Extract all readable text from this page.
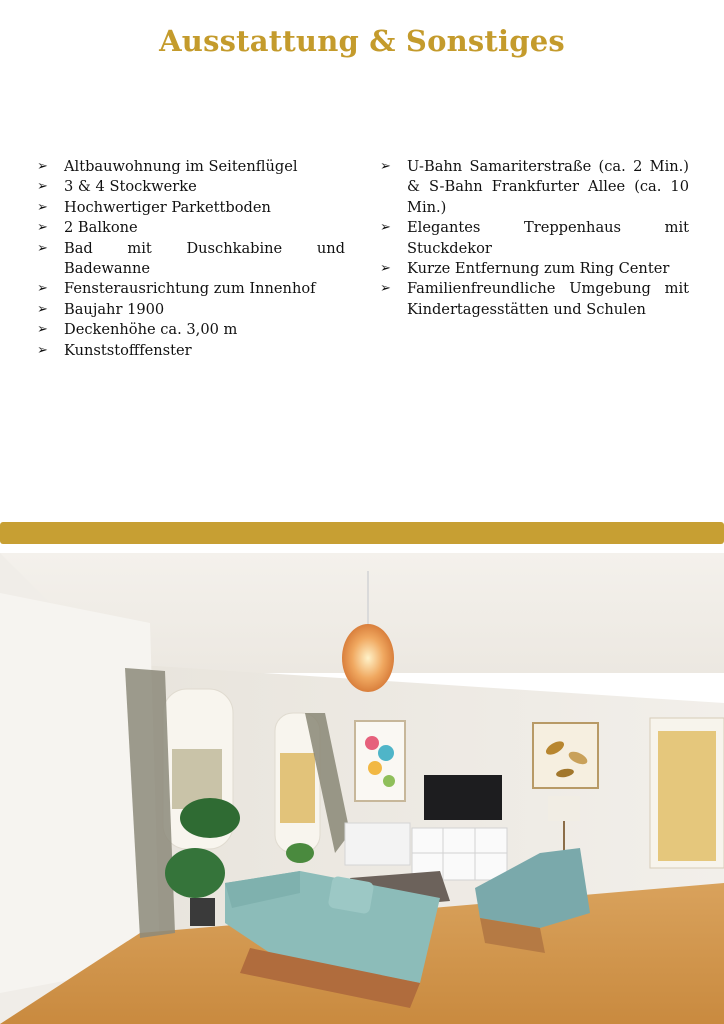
Ausstattung & Sonstiges
➢ Altbauwohnung im Seitenflügel
➢ 3 & 4 Stockwerke
➢ Hochwertiger Parkettboden
➢ 2 Balkone
➢ Bad mit Duschkabine und Badewanne
➢ Fensterausrichtung zum Innenhof
➢ Baujahr 1900
➢ Deckenhöhe ca. 3,00 m
➢ Kunststofffenster
➢ U-Bahn Samariterstraße (ca. 2 Min.) & S-Bahn Frankfurter Allee (ca. 10 Min.)
➢ Elegantes Treppenhaus mit Stuckdekor
➢ Kurze Entfernung zum Ring Center
➢ Familienfreundliche Umgebung mit Kindertagesstätten und Schulen
